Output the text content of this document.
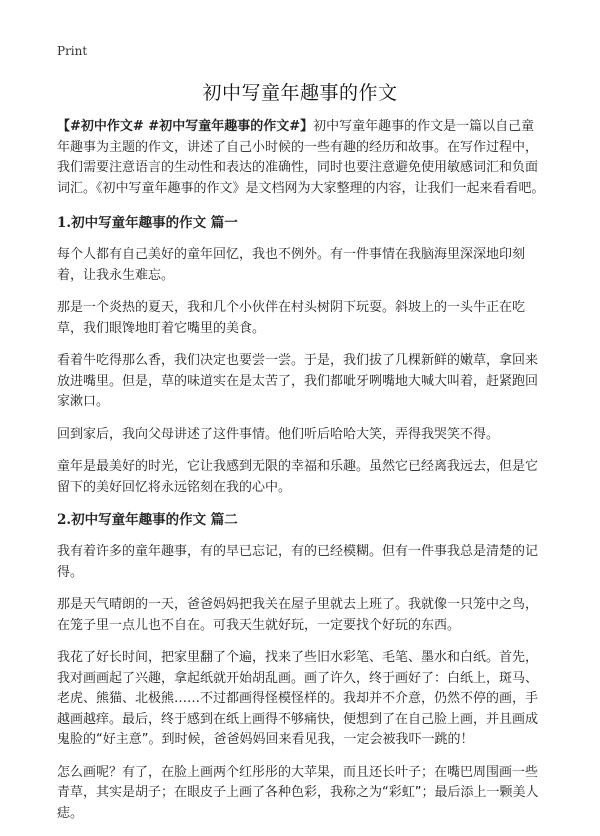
Print
初中写童年趣事的作文

【#初中作文# #初中写童年趣事的作文#】初中写童年趣事的作文是一篇以自己童年趣事为主题的作文，讲述了自己小时候的一些有趣的经历和故事。在写作过程中，我们需要注意语言的生动性和表达的准确性，同时也要注意避免使用敏感词汇和负面词汇。《初中写童年趣事的作文》是文档网为大家整理的内容，让我们一起来看看吧。

1.初中写童年趣事的作文 篇一

每个人都有自己美好的童年回忆，我也不例外。有一件事情在我脑海里深深地印刻着，让我永生难忘。

那是一个炎热的夏天，我和几个小伙伴在村头树阴下玩耍。斜坡上的一头牛正在吃草，我们眼馋地盯着它嘴里的美食。

看着牛吃得那么香，我们决定也要尝一尝。于是，我们拔了几棵新鲜的嫩草，拿回来放进嘴里。但是，草的味道实在是太苦了，我们都呲牙咧嘴地大喊大叫着，赶紧跑回家漱口。

回到家后，我向父母讲述了这件事情。他们听后哈哈大笑，弄得我哭笑不得。

童年是最美好的时光，它让我感到无限的幸福和乐趣。虽然它已经离我远去，但是它留下的美好回忆将永远铭刻在我的心中。

2.初中写童年趣事的作文 篇二

我有着许多的童年趣事，有的早已忘记，有的已经模糊。但有一件事我总是清楚的记得。

那是天气晴朗的一天，爸爸妈妈把我关在屋子里就去上班了。我就像一只笼中之鸟，在笼子里一点儿也不自在。可我天生就好玩，一定要找个好玩的东西。

我花了好长时间，把家里翻了个遍，找来了些旧水彩笔、毛笔、墨水和白纸。首先，我对画画起了兴趣，拿起纸就开始胡乱画。画了许久，终于画好了：白纸上，斑马、老虎、熊猫、北极熊……不过都画得怪模怪样的。我却并不介意，仍然不停的画，手越画越痒。最后，终于感到在纸上画得不够痛快，便想到了在自己脸上画，并且画成鬼脸的“好主意”。到时候，爸爸妈妈回来看见我，一定会被我吓一跳的！

怎么画呢？有了，在脸上画两个红彤彤的大苹果，而且还长叶子；在嘴巴周围画一些青草，其实是胡子；在眼皮子上画了各种色彩，我称之为“彩虹”；最后添上一颗美人痣。
